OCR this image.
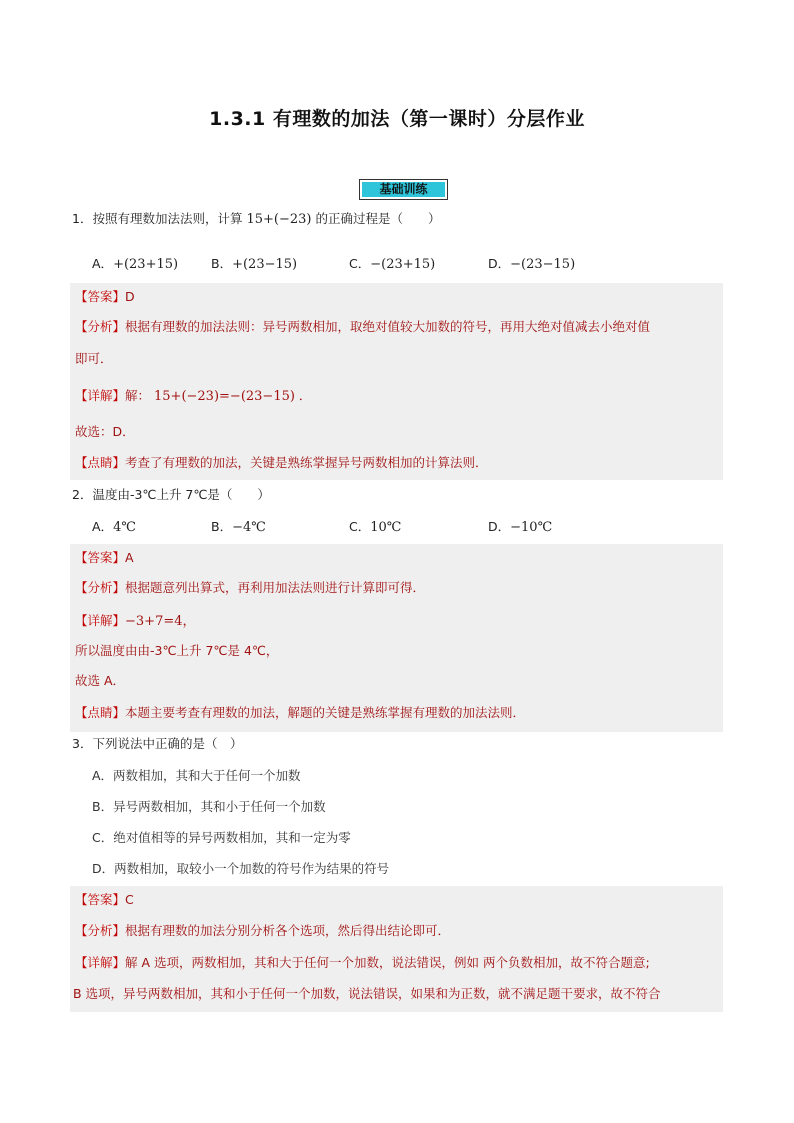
1.3.1 有理数的加法（第一课时）分层作业
基础训练
1．按照有理数加法法则，计算 15+(−23) 的正确过程是（　　）
A．+(23+15)	B．+(23−15)	C．−(23+15)	D．−(23−15)
【答案】D
【分析】根据有理数的加法法则：异号两数相加，取绝对值较大加数的符号，再用大绝对值减去小绝对值
即可．
【详解】解： 15+(−23)=−(23−15) ．
故选：D．
【点睛】考查了有理数的加法，关键是熟练掌握异号两数相加的计算法则．
2．温度由-3℃上升 7℃是（　　）
A．4℃	B．−4℃	C．10℃	D．−10℃
【答案】A
【分析】根据题意列出算式，再利用加法法则进行计算即可得．
【详解】−3+7=4，
所以温度由由-3℃上升 7℃是 4℃，
故选 A．
【点睛】本题主要考查有理数的加法，解题的关键是熟练掌握有理数的加法法则．
3．下列说法中正确的是（　）
A．两数相加，其和大于任何一个加数
B．异号两数相加，其和小于任何一个加数
C．绝对值相等的异号两数相加，其和一定为零
D．两数相加，取较小一个加数的符号作为结果的符号
【答案】C
【分析】根据有理数的加法分别分析各个选项，然后得出结论即可．
【详解】解 A 选项，两数相加，其和大于任何一个加数，说法错误，例如 两个负数相加，故不符合题意;
B 选项，异号两数相加，其和小于任何一个加数，说法错误，如果和为正数，就不满足题干要求，故不符合
